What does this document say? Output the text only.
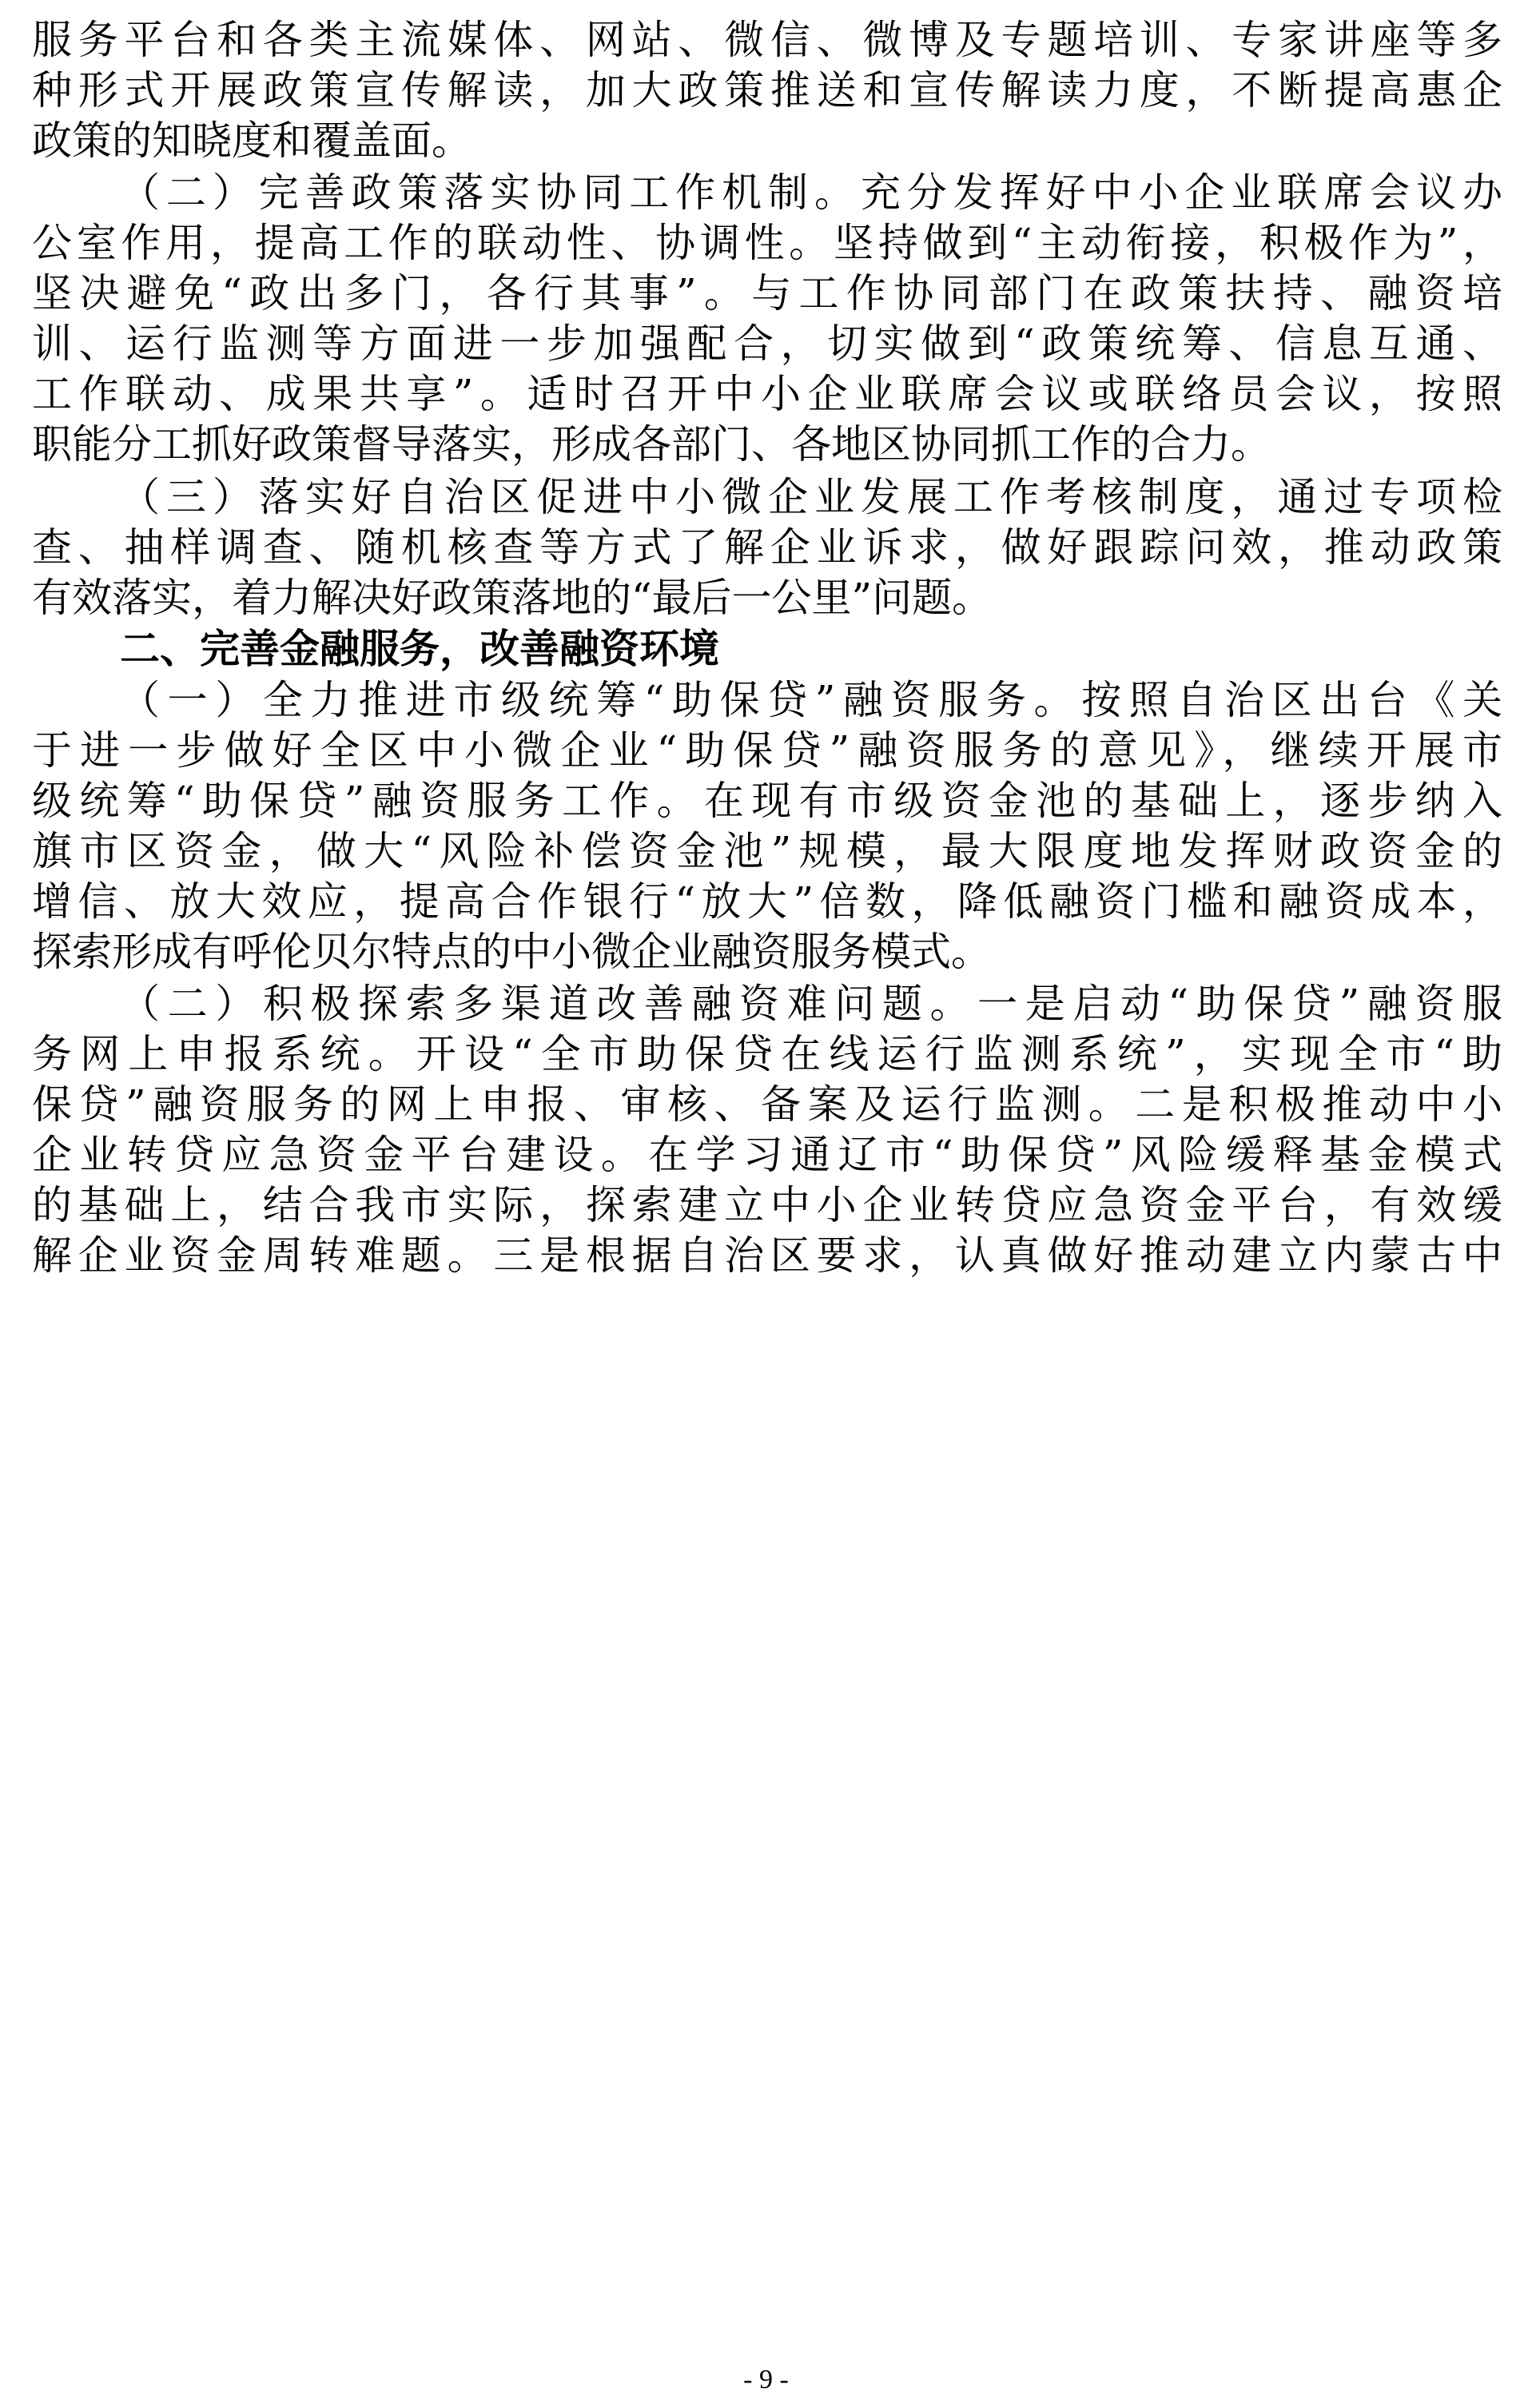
服务平台和各类主流媒体、网站、微信、微博及专题培训、专家讲座等多
种形式开展政策宣传解读，加大政策推送和宣传解读力度，不断提高惠企
政策的知晓度和覆盖面。
（二）完善政策落实协同工作机制。充分发挥好中小企业联席会议办
公室作用，提高工作的联动性、协调性。坚持做到“主动衔接，积极作为”，
坚决避免“政出多门，各行其事”。与工作协同部门在政策扶持、融资培
训、运行监测等方面进一步加强配合，切实做到“政策统筹、信息互通、
工作联动、成果共享”。适时召开中小企业联席会议或联络员会议，按照
职能分工抓好政策督导落实，形成各部门、各地区协同抓工作的合力。
（三）落实好自治区促进中小微企业发展工作考核制度，通过专项检
查、抽样调查、随机核查等方式了解企业诉求，做好跟踪问效，推动政策
有效落实，着力解决好政策落地的“最后一公里”问题。
二、完善金融服务，改善融资环境
（一）全力推进市级统筹“助保贷”融资服务。按照自治区出台《关
于进一步做好全区中小微企业“助保贷”融资服务的意见》，继续开展市
级统筹“助保贷”融资服务工作。在现有市级资金池的基础上，逐步纳入
旗市区资金，做大“风险补偿资金池”规模，最大限度地发挥财政资金的
增信、放大效应，提高合作银行“放大”倍数，降低融资门槛和融资成本，
探索形成有呼伦贝尔特点的中小微企业融资服务模式。
（二）积极探索多渠道改善融资难问题。一是启动“助保贷”融资服
务网上申报系统。开设“全市助保贷在线运行监测系统”，实现全市“助
保贷”融资服务的网上申报、审核、备案及运行监测。二是积极推动中小
企业转贷应急资金平台建设。在学习通辽市“助保贷”风险缓释基金模式
的基础上，结合我市实际，探索建立中小企业转贷应急资金平台，有效缓
解企业资金周转难题。三是根据自治区要求，认真做好推动建立内蒙古中
- 9 -
